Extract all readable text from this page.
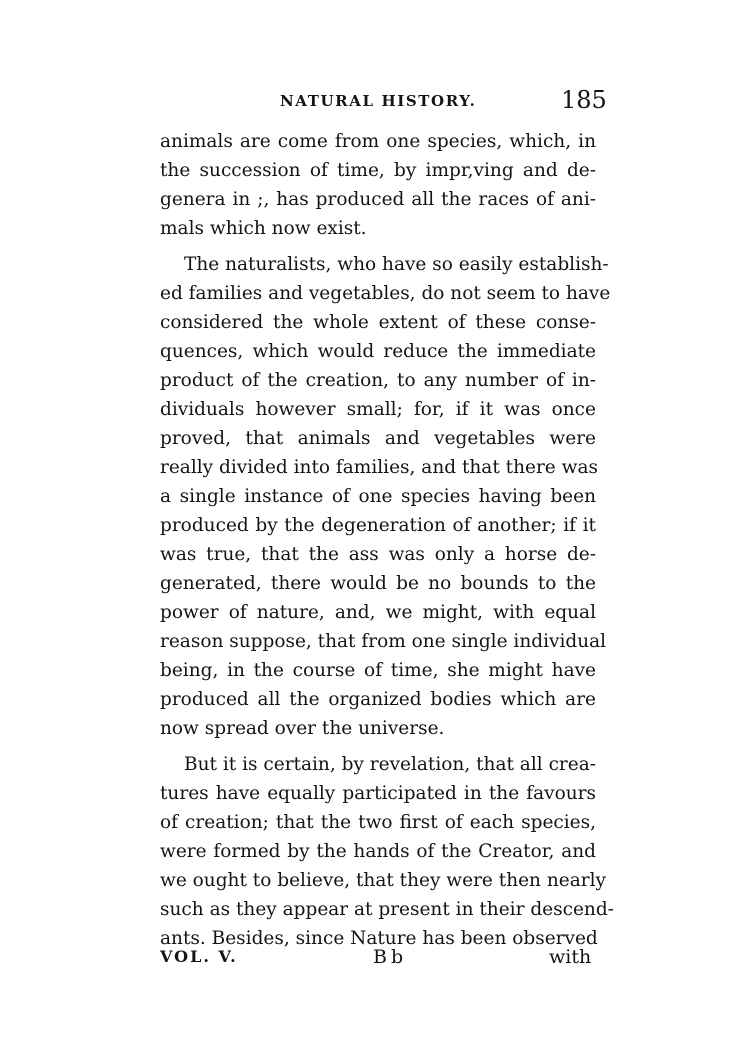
NATURAL HISTORY.	185
animals are come from one species, which, in
the succession of time, by impr,ving and de-
genera in ;, has produced all the races of ani-
mals which now exist.
The naturalists, who have so easily establish-
ed families and vegetables, do not seem to have
considered the whole extent of these conse-
quences, which would reduce the immediate
product of the creation, to any number of in-
dividuals however small; for, if it was once
proved, that animals and vegetables were
really divided into families, and that there was
a single instance of one species having been
produced by the degeneration of another; if it
was true, that the ass was only a horse de-
generated, there would be no bounds to the
power of nature, and, we might, with equal
reason suppose, that from one single individual
being, in the course of time, she might have
produced all the organized bodies which are
now spread over the universe.
But it is certain, by revelation, that all crea-
tures have equally participated in the favours
of creation; that the two first of each species,
were formed by the hands of the Creator, and
we ought to believe, that they were then nearly
such as they appear at present in their descend-
ants. Besides, since Nature has been observed
VOL. V.	Bb	with
